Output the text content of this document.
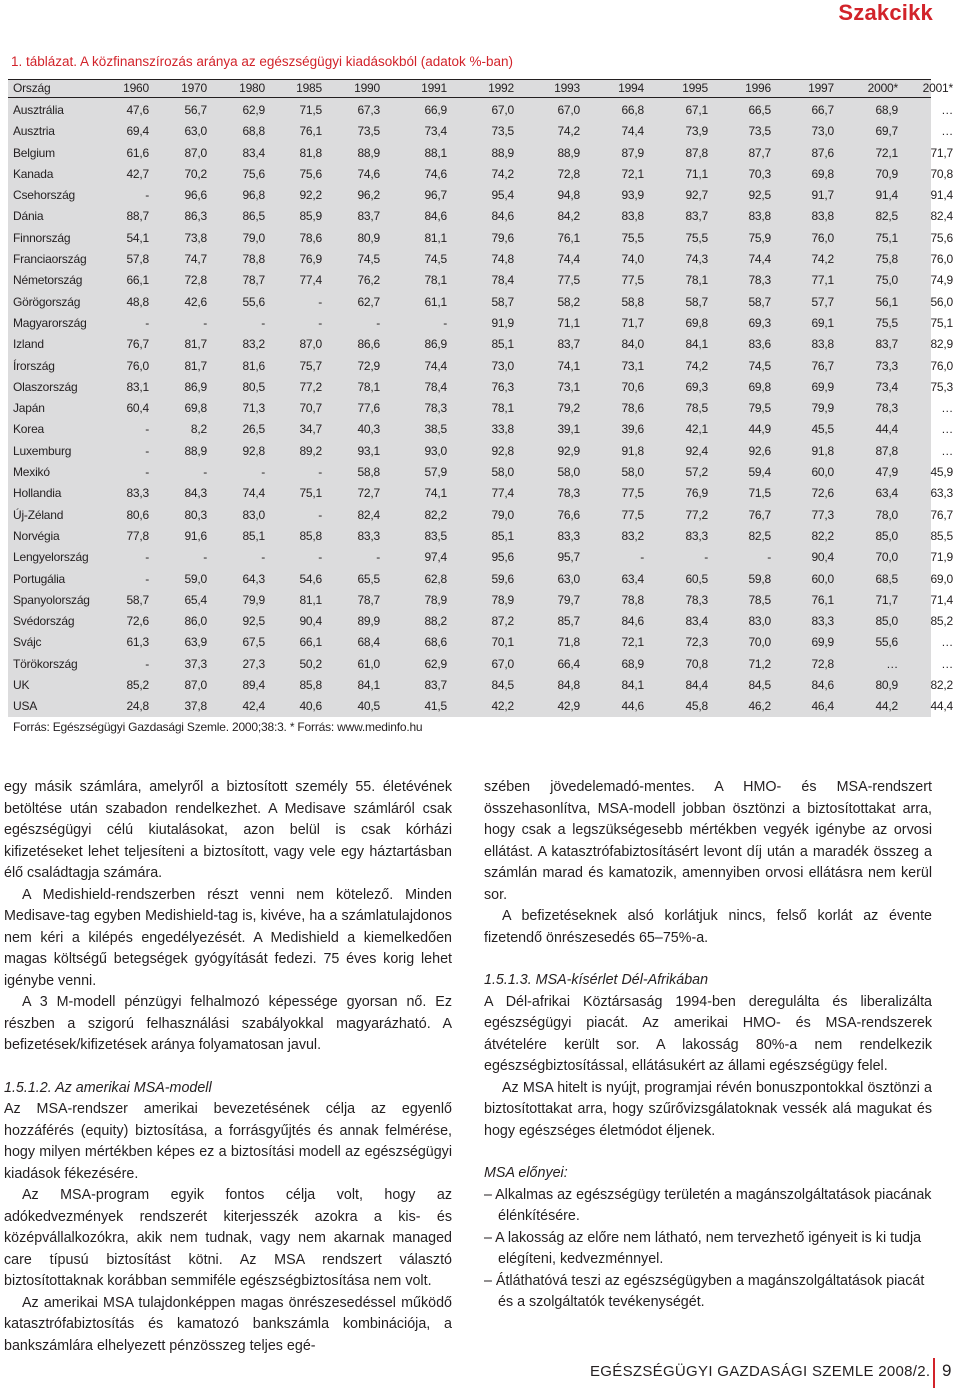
Szakcikk
1. táblázat. A közfinanszírozás aránya az egészségügyi kiadásokból (adatok %-ban)
Ország	1960	1970	1980	1985	1990	1991	1992	1993	1994	1995	1996	1997	2000*	2001*
Ausztrália	47,6	56,7	62,9	71,5	67,3	66,9	67,0	67,0	66,8	67,1	66,5	66,7	68,9	…
Ausztria	69,4	63,0	68,8	76,1	73,5	73,4	73,5	74,2	74,4	73,9	73,5	73,0	69,7	…
Belgium	61,6	87,0	83,4	81,8	88,9	88,1	88,9	88,9	87,9	87,8	87,7	87,6	72,1	71,7
Kanada	42,7	70,2	75,6	75,6	74,6	74,6	74,2	72,8	72,1	71,1	70,3	69,8	70,9	70,8
Csehország	-	96,6	96,8	92,2	96,2	96,7	95,4	94,8	93,9	92,7	92,5	91,7	91,4	91,4
Dánia	88,7	86,3	86,5	85,9	83,7	84,6	84,6	84,2	83,8	83,7	83,8	83,8	82,5	82,4
Finnország	54,1	73,8	79,0	78,6	80,9	81,1	79,6	76,1	75,5	75,5	75,9	76,0	75,1	75,6
Franciaország	57,8	74,7	78,8	76,9	74,5	74,5	74,8	74,4	74,0	74,3	74,4	74,2	75,8	76,0
Németország	66,1	72,8	78,7	77,4	76,2	78,1	78,4	77,5	77,5	78,1	78,3	77,1	75,0	74,9
Görögország	48,8	42,6	55,6	-	62,7	61,1	58,7	58,2	58,8	58,7	58,7	57,7	56,1	56,0
Magyarország	-	-	-	-	-	-	91,9	71,1	71,7	69,8	69,3	69,1	75,5	75,1
Izland	76,7	81,7	83,2	87,0	86,6	86,9	85,1	83,7	84,0	84,1	83,6	83,8	83,7	82,9
Írország	76,0	81,7	81,6	75,7	72,9	74,4	73,0	74,1	73,1	74,2	74,5	76,7	73,3	76,0
Olaszország	83,1	86,9	80,5	77,2	78,1	78,4	76,3	73,1	70,6	69,3	69,8	69,9	73,4	75,3
Japán	60,4	69,8	71,3	70,7	77,6	78,3	78,1	79,2	78,6	78,5	79,5	79,9	78,3	…
Korea	-	8,2	26,5	34,7	40,3	38,5	33,8	39,1	39,6	42,1	44,9	45,5	44,4	…
Luxemburg	-	88,9	92,8	89,2	93,1	93,0	92,8	92,9	91,8	92,4	92,6	91,8	87,8	…
Mexikó	-	-	-	-	58,8	57,9	58,0	58,0	58,0	57,2	59,4	60,0	47,9	45,9
Hollandia	83,3	84,3	74,4	75,1	72,7	74,1	77,4	78,3	77,5	76,9	71,5	72,6	63,4	63,3
Új-Zéland	80,6	80,3	83,0	-	82,4	82,2	79,0	76,6	77,5	77,2	76,7	77,3	78,0	76,7
Norvégia	77,8	91,6	85,1	85,8	83,3	83,5	85,1	83,3	83,2	83,3	82,5	82,2	85,0	85,5
Lengyelország	-	-	-	-	-	97,4	95,6	95,7	-	-	-	90,4	70,0	71,9
Portugália	-	59,0	64,3	54,6	65,5	62,8	59,6	63,0	63,4	60,5	59,8	60,0	68,5	69,0
Spanyolország	58,7	65,4	79,9	81,1	78,7	78,9	78,9	79,7	78,8	78,3	78,5	76,1	71,7	71,4
Svédország	72,6	86,0	92,5	90,4	89,9	88,2	87,2	85,7	84,6	83,4	83,0	83,3	85,0	85,2
Svájc	61,3	63,9	67,5	66,1	68,4	68,6	70,1	71,8	72,1	72,3	70,0	69,9	55,6	…
Törökország	-	37,3	27,3	50,2	61,0	62,9	67,0	66,4	68,9	70,8	71,2	72,8	…	…
UK	85,2	87,0	89,4	85,8	84,1	83,7	84,5	84,8	84,1	84,4	84,5	84,6	80,9	82,2
USA	24,8	37,8	42,4	40,6	40,5	41,5	42,2	42,9	44,6	45,8	46,2	46,4	44,2	44,4
Forrás: Egészségügyi Gazdasági Szemle. 2000;38:3. * Forrás: www.medinfo.hu

egy másik számlára, amelyről a biztosított személy 55. életévének betöltése után szabadon rendelkezhet. A Medisave számláról csak egészségügyi célú kiutalásokat, azon belül is csak kórházi kifizetéseket lehet teljesíteni a biztosított, vagy vele egy háztartásban élő családtagja számára.

A Medishield-rendszerben részt venni nem kötelező. Minden Medisave-tag egyben Medishield-tag is, kivéve, ha a számlatulajdonos nem kéri a kilépés engedélyezését. A Medishield a kiemelkedően magas költségű betegségek gyógyítását fedezi. 75 éves korig lehet igénybe venni.

A 3 M-modell pénzügyi felhalmozó képessége gyorsan nő. Ez részben a szigorú felhasználási szabályokkal magyarázható. A befizetések/kifizetések aránya folyamatosan javul.

1.5.1.2. Az amerikai MSA-modell

Az MSA-rendszer amerikai bevezetésének célja az egyenlő hozzáférés (equity) biztosítása, a forrásgyűjtés és annak felmérése, hogy milyen mértékben képes ez a biztosítási modell az egészségügyi kiadások fékezésére.

Az MSA-program egyik fontos célja volt, hogy az adókedvezmények rendszerét kiterjesszék azokra a kis- és középvállalkozókra, akik nem tudnak, vagy nem akarnak managed care típusú biztosítást kötni. Az MSA rendszert választó biztosítottaknak korábban semmiféle egészségbiztosítása nem volt.

Az amerikai MSA tulajdonképpen magas önrészesedéssel működő katasztrófabiztosítás és kamatozó bankszámla kombinációja, a bankszámlára elhelyezett pénzösszeg teljes egé-

szében jövedelemadó-mentes. A HMO- és MSA-rendszert összehasonlítva, MSA-modell jobban ösztönzi a biztosítottakat arra, hogy csak a legszükségesebb mértékben vegyék igénybe az orvosi ellátást. A katasztrófabiztosításért levont díj után a maradék összeg a számlán marad és kamatozik, amennyiben orvosi ellátásra nem kerül sor.

A befizetéseknek alsó korlátjuk nincs, felső korlát az évente fizetendő önrészesedés 65–75%-a.

1.5.1.3. MSA-kísérlet Dél-Afrikában

A Dél-afrikai Köztársaság 1994-ben deregulálta és liberalizálta egészségügyi piacát. Az amerikai HMO- és MSA-rendszerek átvételére került sor. A lakosság 80%-a nem rendelkezik egészségbiztosítással, ellátásukért az állami egészségügy felel.

Az MSA hitelt is nyújt, programjai révén bonuszpontokkal ösztönzi a biztosítottakat arra, hogy szűrővizsgálatoknak vessék alá magukat és hogy egészséges életmódot éljenek.

MSA előnyei:

– Alkalmas az egészségügy területén a magánszolgáltatások piacának élénkítésére.

– A lakosság az előre nem látható, nem tervezhető igényeit is ki tudja elégíteni, kedvezménnyel.

– Átláthatóvá teszi az egészségügyben a magánszolgáltatások piacát és a szolgáltatók tevékenységét.

EGÉSZSÉGÜGYI GAZDASÁGI SZEMLE 2008/2. 9
